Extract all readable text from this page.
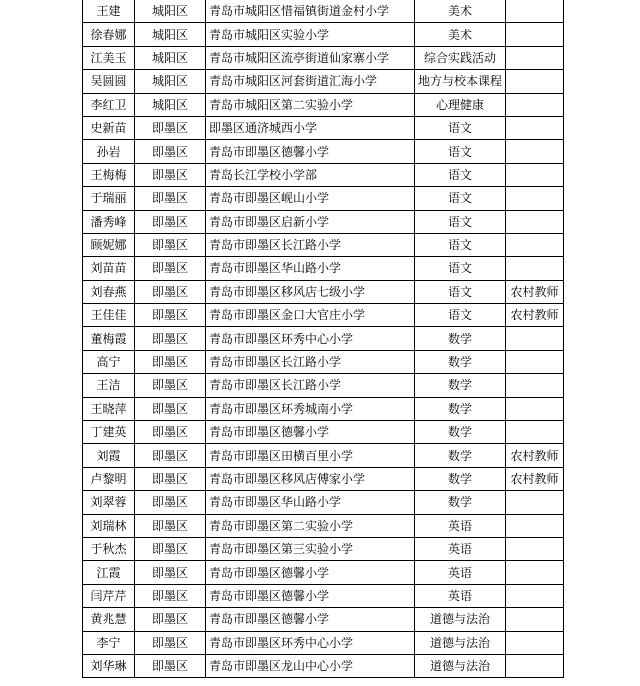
王建	城阳区	青岛市城阳区惜福镇街道金村小学	美术	
徐春娜	城阳区	青岛市城阳区实验小学	美术	
江美玉	城阳区	青岛市城阳区流亭街道仙家寨小学	综合实践活动	
吴圆圆	城阳区	青岛市城阳区河套街道汇海小学	地方与校本课程	
李红卫	城阳区	青岛市城阳区第二实验小学	心理健康	
史新苗	即墨区	即墨区通济城西小学	语文	
孙岩	即墨区	青岛市即墨区德馨小学	语文	
王梅梅	即墨区	青岛长江学校小学部	语文	
于瑞丽	即墨区	青岛市即墨区岘山小学	语文	
潘秀峰	即墨区	青岛市即墨区启新小学	语文	
顾妮娜	即墨区	青岛市即墨区长江路小学	语文	
刘苗苗	即墨区	青岛市即墨区华山路小学	语文	
刘春燕	即墨区	青岛市即墨区移风店七级小学	语文	农村教师
王佳佳	即墨区	青岛市即墨区金口大官庄小学	语文	农村教师
董梅霞	即墨区	青岛市即墨区环秀中心小学	数学	
高宁	即墨区	青岛市即墨区长江路小学	数学	
王洁	即墨区	青岛市即墨区长江路小学	数学	
王晓萍	即墨区	青岛市即墨区环秀城南小学	数学	
丁建英	即墨区	青岛市即墨区德馨小学	数学	
刘霞	即墨区	青岛市即墨区田横百里小学	数学	农村教师
卢黎明	即墨区	青岛市即墨区移风店傅家小学	数学	农村教师
刘翠蓉	即墨区	青岛市即墨区华山路小学	数学	
刘瑞林	即墨区	青岛市即墨区第二实验小学	英语	
于秋杰	即墨区	青岛市即墨区第三实验小学	英语	
江霞	即墨区	青岛市即墨区德馨小学	英语	
闫芹芹	即墨区	青岛市即墨区德馨小学	英语	
黄兆慧	即墨区	青岛市即墨区德馨小学	道德与法治	
李宁	即墨区	青岛市即墨区环秀中心小学	道德与法治	
刘华琳	即墨区	青岛市即墨区龙山中心小学	道德与法治	
